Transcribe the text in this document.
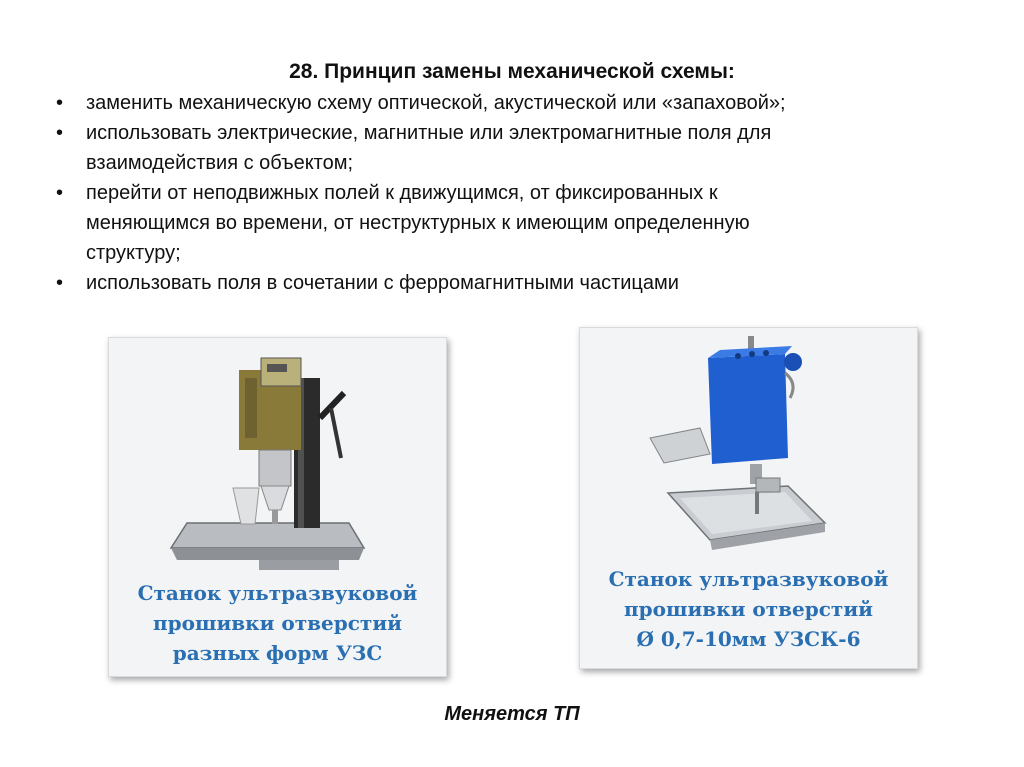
28. Принцип замены механической схемы:
• заменить механическую схему оптической, акустической или «запаховой»;
• использовать электрические, магнитные или электромагнитные поля для
взаимодействия с объектом;
• перейти от неподвижных полей к движущимся, от фиксированных к
меняющимся во времени, от неструктурных к имеющим определенную
структуру;
• использовать поля в сочетании с ферромагнитными частицами
Станок ультразвуковой
прошивки отверстий
разных форм УЗС
Станок ультразвуковой
прошивки отверстий
Ø 0,7-10мм УЗСК-6
Меняется ТП
